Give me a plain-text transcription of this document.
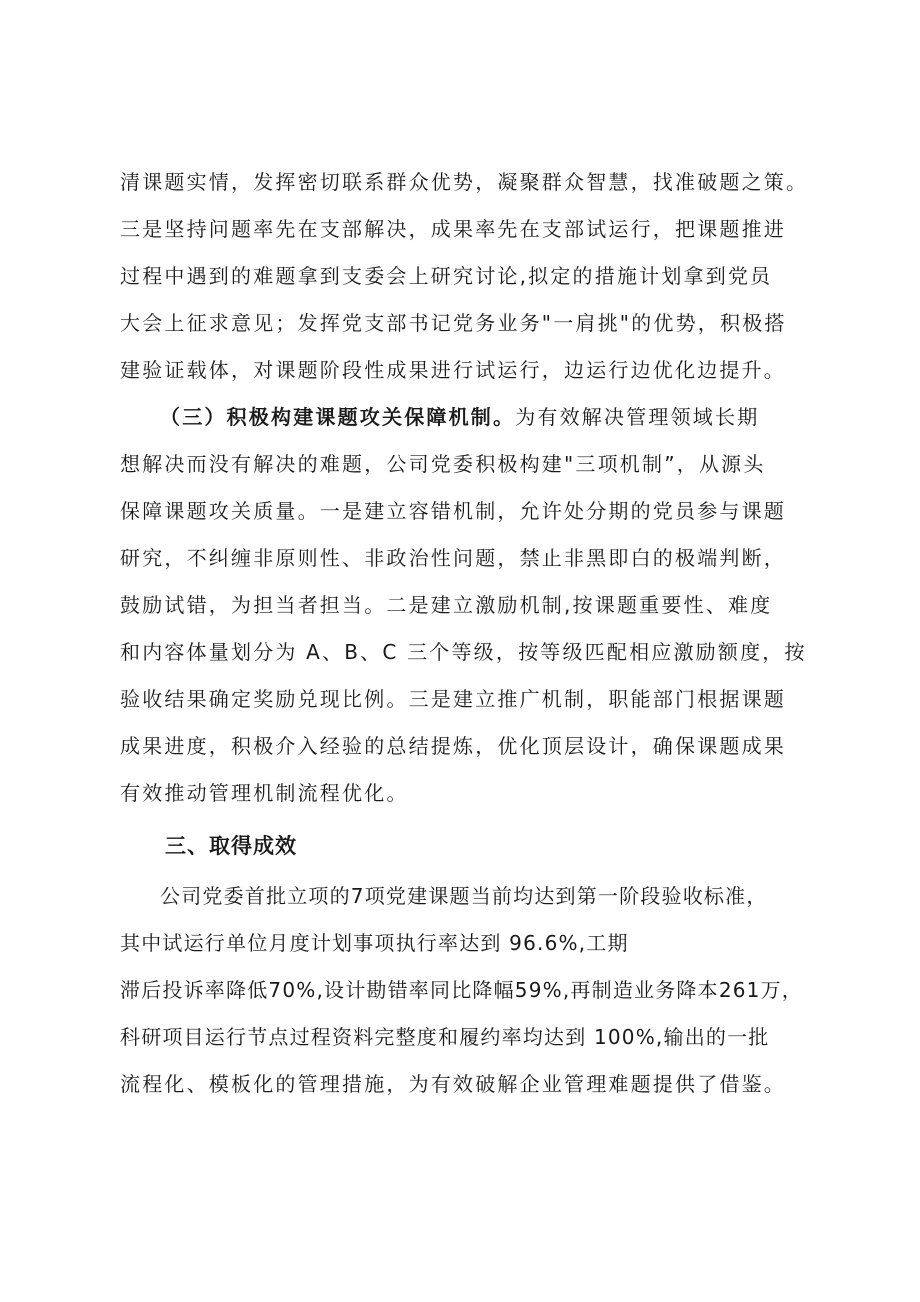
清课题实情，发挥密切联系群众优势，凝聚群众智慧，找准破题之策。
三是坚持问题率先在支部解决，成果率先在支部试运行，把课题推进
过程中遇到的难题拿到支委会上研究讨论,拟定的措施计划拿到党员
大会上征求意见；发挥党支部书记党务业务"一肩挑"的优势，积极搭
建验证载体，对课题阶段性成果进行试运行，边运行边优化边提升。
（三）积极构建课题攻关保障机制。为有效解决管理领域长期
想解决而没有解决的难题，公司党委积极构建"三项机制”，从源头
保障课题攻关质量。一是建立容错机制，允许处分期的党员参与课题
研究，不纠缠非原则性、非政治性问题，禁止非黑即白的极端判断，
鼓励试错，为担当者担当。二是建立激励机制,按课题重要性、难度
和内容体量划分为 A、B、C 三个等级，按等级匹配相应激励额度，按
验收结果确定奖励兑现比例。三是建立推广机制，职能部门根据课题
成果进度，积极介入经验的总结提炼，优化顶层设计，确保课题成果
有效推动管理机制流程优化。
三、取得成效
公司党委首批立项的7项党建课题当前均达到第一阶段验收标准，
其中试运行单位月度计划事项执行率达到 96.6%,工期
滞后投诉率降低70%,设计勘错率同比降幅59%,再制造业务降本261万，
科研项目运行节点过程资料完整度和履约率均达到 100%,输出的一批
流程化、模板化的管理措施，为有效破解企业管理难题提供了借鉴。
